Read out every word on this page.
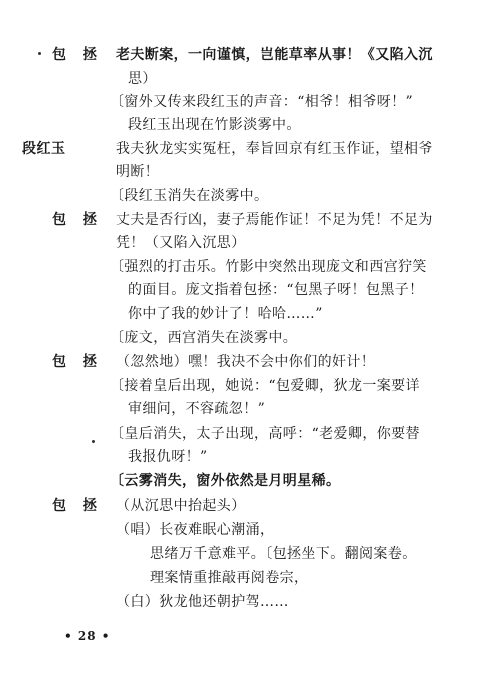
包 拯 老夫断案，一向谨慎，岂能草率从事！《又陷入沉
思）
〔窗外又传来段红玉的声音：“相爷！相爷呀！”
段红玉出现在竹影淡雾中。
段红玉	我夫狄龙实实冤枉，奉旨回京有红玉作证，望相爷
明断！
〔段红玉消失在淡雾中。
包 拯 丈夫是否行凶，妻子焉能作证！不足为凭！不足为
凭！（又陷入沉思）
〔强烈的打击乐。竹影中突然出现庞文和西宫狞笑
的面目。庞文指着包拯：“包黑子呀！包黑子！
你中了我的妙计了！哈哈……”
〔庞文，西宫消失在淡雾中。
包 拯 （忽然地）嘿！我决不会中你们的奸计！
〔接着皇后出现，她说：“包爱卿，狄龙一案要详
审细问，不容疏忽！”
〔皇后消失，太子出现，高呼：“老爱卿，你要替
我报仇呀！”
〔云雾消失，窗外依然是月明星稀。
包 拯 （从沉思中抬起头）
（唱）长夜难眠心潮涌，
思绪万千意难平。〔包拯坐下。翻阅案卷。
理案情重推敲再阅卷宗，
（白）狄龙他还朝护驾……
• 28 •
